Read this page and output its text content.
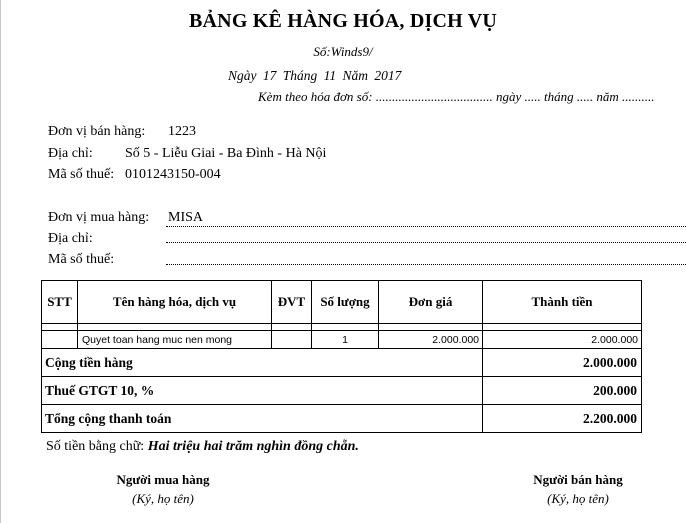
BẢNG KÊ HÀNG HÓA, DỊCH VỤ
Số:Winds9/
Ngày 17 Tháng 11 Năm 2017
Kèm theo hóa đơn số: .................................... ngày ..... tháng ..... năm ..........
Đơn vị bán hàng: 1223
Địa chỉ: Số 5 - Liễu Giai - Ba Đình - Hà Nội
Mã số thuế: 0101243150-004
Đơn vị mua hàng: MISA
Địa chỉ:
Mã số thuế:
STT	Tên hàng hóa, dịch vụ	ĐVT	Số lượng	Đơn giá	Thành tiền

	Quyet toan hang muc nen mong		1	2.000.000	2.000.000
Cộng tiền hàng					2.000.000
Thuế GTGT 10, %					200.000
Tổng cộng thanh toán					2.200.000
Số tiền bằng chữ: Hai triệu hai trăm nghìn đồng chẵn.
Người mua hàng
(Ký, họ tên)
Người bán hàng
(Ký, họ tên)
